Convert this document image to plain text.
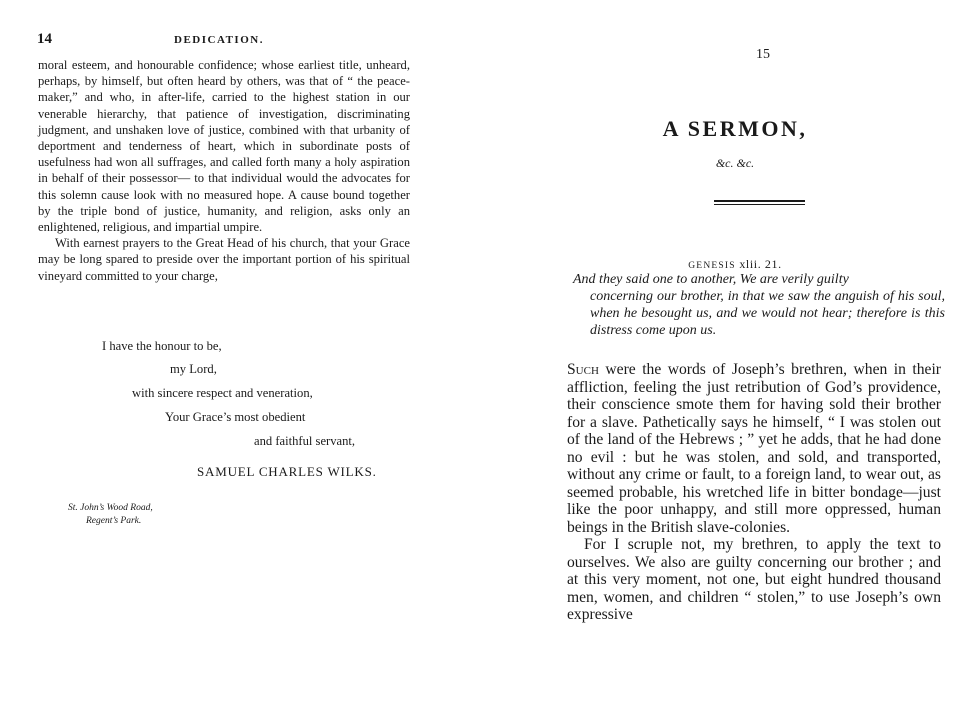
14	DEDICATION.

moral esteem, and honourable confidence; whose earliest title, unheard, perhaps, by himself, but often heard by others, was that of “ the peace-maker,” and who, in after-life, carried to the highest station in our venerable hierarchy, that patience of investigation, discriminating judgment, and unshaken love of justice, combined with that urbanity of deportment and tenderness of heart, which in subordinate posts of usefulness had won all suffrages, and called forth many a holy aspiration in behalf of their possessor— to that individual would the advocates for this solemn cause look with no measured hope. A cause bound together by the triple bond of justice, humanity, and religion, asks only an enlightened, religious, and impartial umpire.

With earnest prayers to the Great Head of his church, that your Grace may be long spared to preside over the important portion of his spiritual vineyard committed to your charge,

I have the honour to be,
my Lord,
with sincere respect and veneration,
Your Grace’s most obedient
and faithful servant,
SAMUEL CHARLES WILKS.
St. John’s Wood Road,
Regent’s Park.
15
A SERMON,
&c. &c.
GENESIS xlii. 21.
And they said one to another, We are verily guilty
concerning our brother, in that we saw the anguish of his soul, when he besought us, and we would not hear; therefore is this distress come upon us.

Such were the words of Joseph’s brethren, when in their affliction, feeling the just retribution of God’s providence, their conscience smote them for having sold their brother for a slave. Pathetically says he himself, “ I was stolen out of the land of the Hebrews ; ” yet he adds, that he had done no evil : but he was stolen, and sold, and transported, without any crime or fault, to a foreign land, to wear out, as seemed probable, his wretched life in bitter bondage—just like the poor unhappy, and still more oppressed, human beings in the British slave-colonies.

For I scruple not, my brethren, to apply the text to ourselves. We also are guilty concerning our brother ; and at this very moment, not one, but eight hundred thousand men, women, and children “ stolen,” to use Joseph’s own expressive
